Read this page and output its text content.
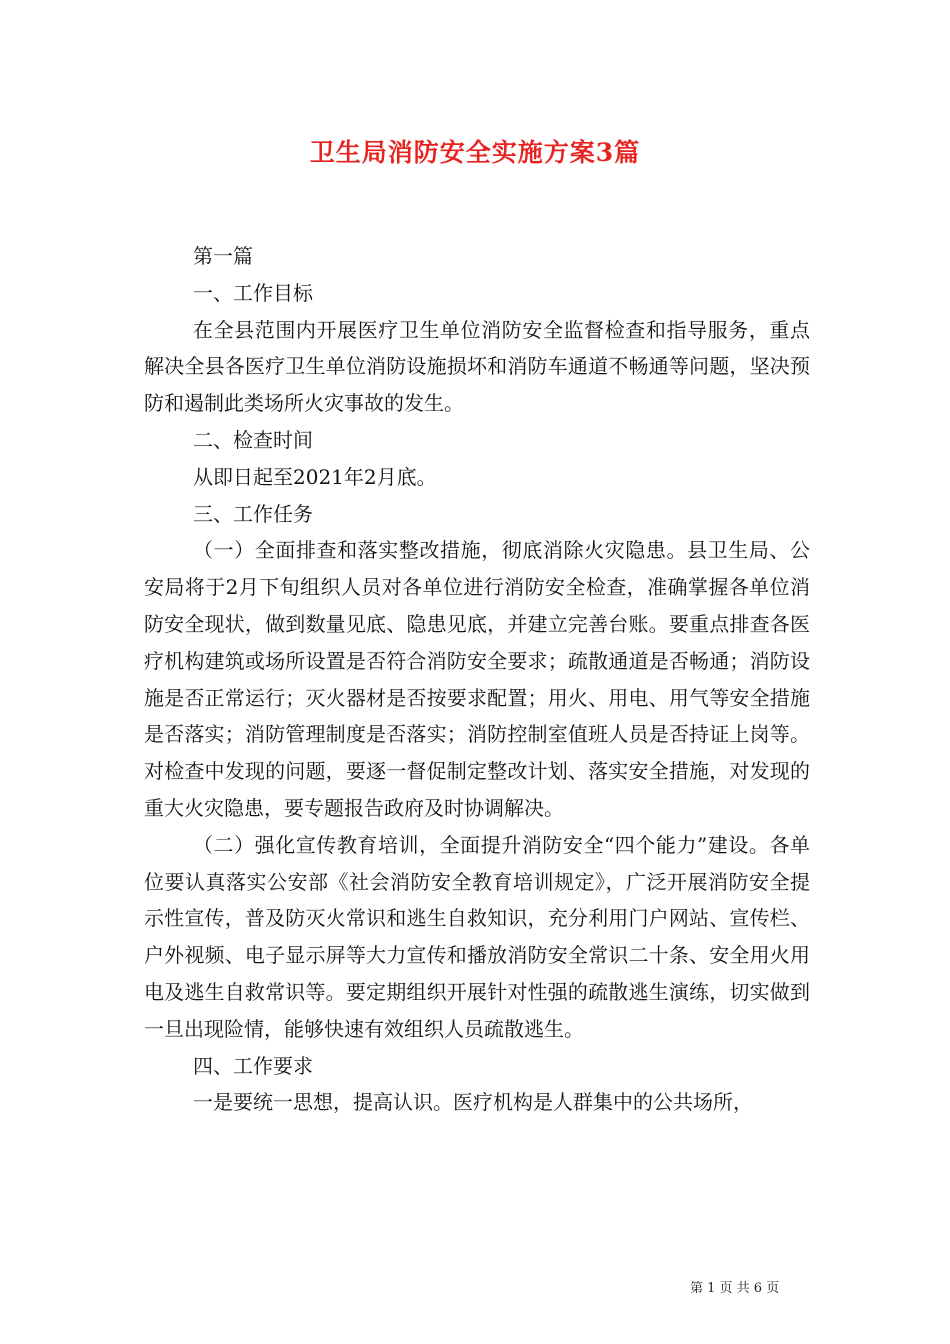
卫生局消防安全实施方案3篇

第一篇

一、工作目标

在全县范围内开展医疗卫生单位消防安全监督检查和指导服务，重点解决全县各医疗卫生单位消防设施损坏和消防车通道不畅通等问题，坚决预防和遏制此类场所火灾事故的发生。

二、检查时间

从即日起至2021年2月底。

三、工作任务

（一）全面排查和落实整改措施，彻底消除火灾隐患。县卫生局、公安局将于2月下旬组织人员对各单位进行消防安全检查，准确掌握各单位消防安全现状，做到数量见底、隐患见底，并建立完善台账。要重点排查各医疗机构建筑或场所设置是否符合消防安全要求；疏散通道是否畅通；消防设施是否正常运行；灭火器材是否按要求配置；用火、用电、用气等安全措施是否落实；消防管理制度是否落实；消防控制室值班人员是否持证上岗等。对检查中发现的问题，要逐一督促制定整改计划、落实安全措施，对发现的重大火灾隐患，要专题报告政府及时协调解决。

（二）强化宣传教育培训，全面提升消防安全“四个能力”建设。各单位要认真落实公安部《社会消防安全教育培训规定》，广泛开展消防安全提示性宣传，普及防灭火常识和逃生自救知识，充分利用门户网站、宣传栏、户外视频、电子显示屏等大力宣传和播放消防安全常识二十条、安全用火用电及逃生自救常识等。要定期组织开展针对性强的疏散逃生演练，切实做到一旦出现险情，能够快速有效组织人员疏散逃生。

四、工作要求

一是要统一思想，提高认识。医疗机构是人群集中的公共场所，

第 1 页 共 6 页
